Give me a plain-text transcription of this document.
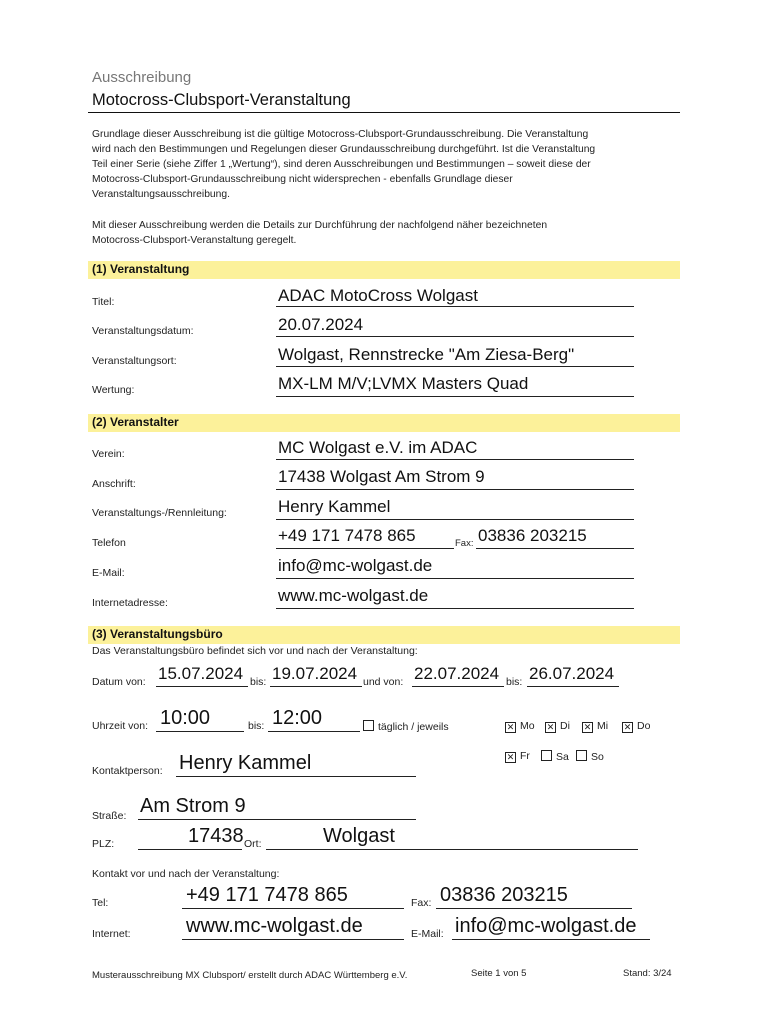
Ausschreibung
Motocross-Clubsport-Veranstaltung
Grundlage dieser Ausschreibung ist die gültige Motocross-Clubsport-Grundausschreibung. Die Veranstaltung
wird nach den Bestimmungen und Regelungen dieser Grundausschreibung durchgeführt. Ist die Veranstaltung
Teil einer Serie (siehe Ziffer 1 „Wertung“), sind deren Ausschreibungen und Bestimmungen – soweit diese der
Motocross-Clubsport-Grundausschreibung nicht widersprechen - ebenfalls Grundlage dieser
Veranstaltungsausschreibung.
Mit dieser Ausschreibung werden die Details zur Durchführung der nachfolgend näher bezeichneten
Motocross-Clubsport-Veranstaltung geregelt.
(1) Veranstaltung
Titel:	ADAC MotoCross Wolgast
Veranstaltungsdatum:	20.07.2024
Veranstaltungsort:	Wolgast, Rennstrecke "Am Ziesa-Berg"
Wertung:	MX-LM M/V;LVMX Masters Quad
(2) Veranstalter
Verein:	MC Wolgast e.V. im ADAC
Anschrift:	17438 Wolgast Am Strom 9
Veranstaltungs-/Rennleitung:	Henry Kammel
Telefon	+49 171 7478 865	Fax: 03836 203215
E-Mail:	info@mc-wolgast.de
Internetadresse:	www.mc-wolgast.de
(3) Veranstaltungsbüro
Das Veranstaltungsbüro befindet sich vor und nach der Veranstaltung:
Datum von: 15.07.2024 bis: 19.07.2024 und von: 22.07.2024 bis: 26.07.2024
Uhrzeit von: 10:00	bis: 12:00	täglich / jeweils	✕ Mo ✕ Di ✕ Mi ✕ Do
✕ Fr	Sa	So
Kontaktperson: Henry Kammel
Straße: Am Strom 9
PLZ:	17438 Ort:	Wolgast
Kontakt vor und nach der Veranstaltung:
Tel:	+49 171 7478 865	Fax: 03836 203215
Internet:	www.mc-wolgast.de	E-Mail: info@mc-wolgast.de
Musterausschreibung MX Clubsport/ erstellt durch ADAC Württemberg e.V.	Seite 1 von 5	Stand: 3/24
